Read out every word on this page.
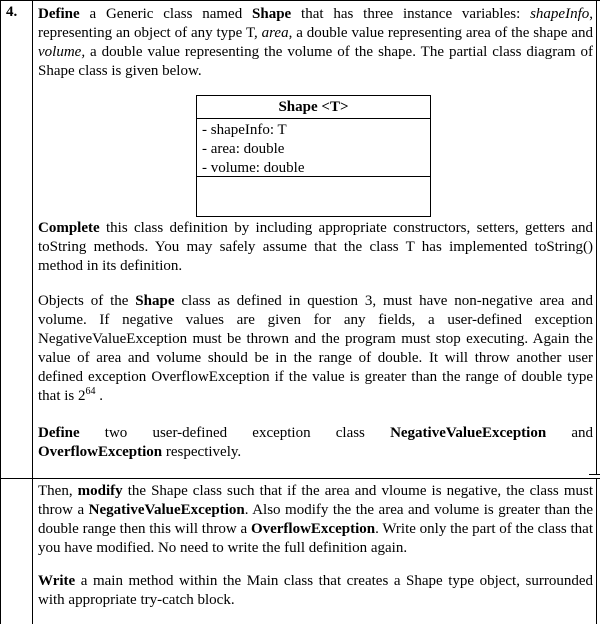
4. Define a Generic class named Shape that has three instance variables: shapeInfo, representing an object of any type T, area, a double value representing area of the shape and volume, a double value representing the volume of the shape. The partial class diagram of Shape class is given below.
Shape <T>
- shapeInfo: T
- area: double
- volume: double
Complete this class definition by including appropriate constructors, setters, getters and toString methods. You may safely assume that the class T has implemented toString() method in its definition.
Objects of the Shape class as defined in question 3, must have non-negative area and volume. If negative values are given for any fields, a user-defined exception NegativeValueException must be thrown and the program must stop executing. Again the value of area and volume should be in the range of double. It will throw another user defined exception OverflowException if the value is greater than the range of double type that is $2^{64}$ .
Define two user-defined exception class NegativeValueException and
OverflowException respectively.
Then, modify the Shape class such that if the area and vloume is negative, the class must throw a NegativeValueException. Also modify the the area and volume is greater than the double range then this will throw a OverflowException. Write only the part of the class that you have modified. No need to write the full definition again.
Write a main method within the Main class that creates a Shape type object, surrounded with appropriate try-catch block.
